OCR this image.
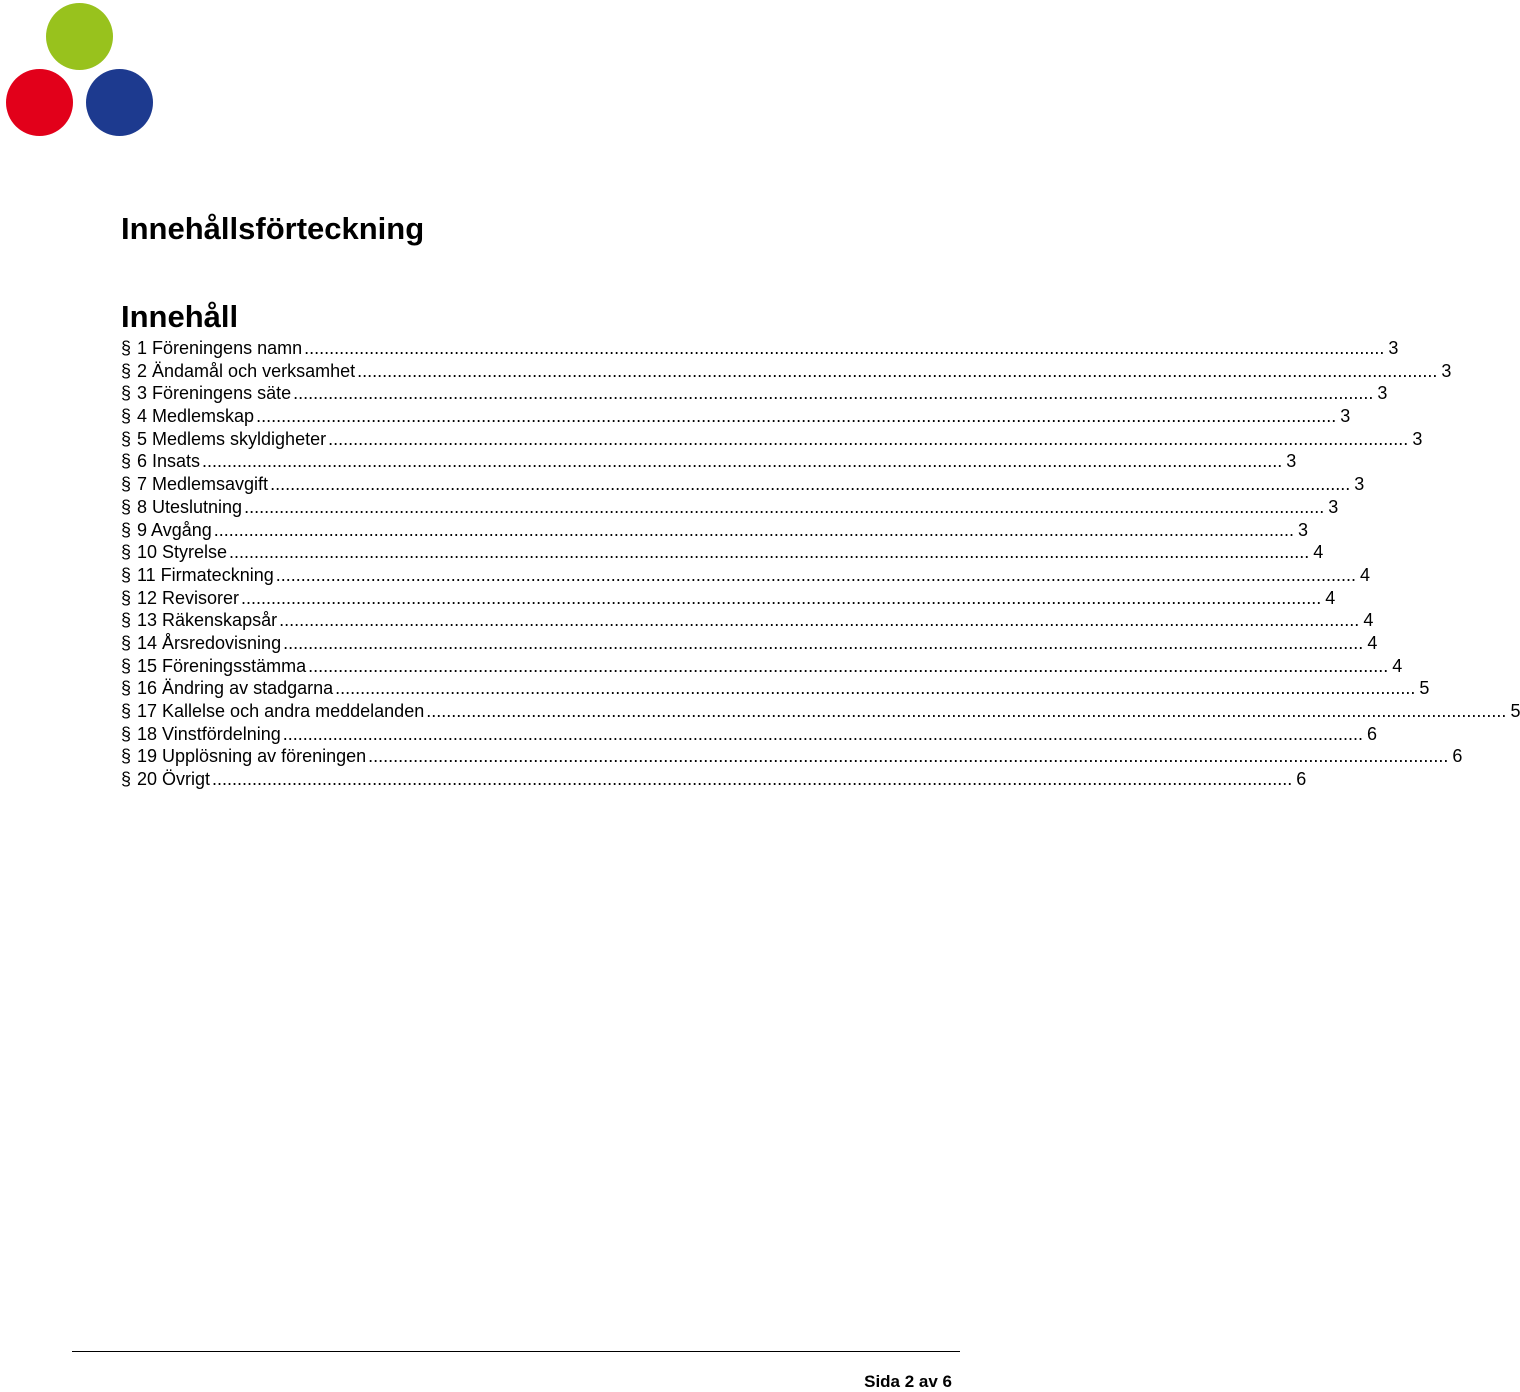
Innehållsförteckning
Innehåll
§ 1 Föreningens namn ........................................................................................................................................................................................................................ 3
§ 2 Ändamål och verksamhet ........................................................................................................................................................................................................................ 3
§ 3 Föreningens säte ........................................................................................................................................................................................................................ 3
§ 4 Medlemskap ........................................................................................................................................................................................................................ 3
§ 5 Medlems skyldigheter ........................................................................................................................................................................................................................ 3
§ 6 Insats ........................................................................................................................................................................................................................ 3
§ 7 Medlemsavgift ........................................................................................................................................................................................................................ 3
§ 8 Uteslutning ........................................................................................................................................................................................................................ 3
§ 9 Avgång ........................................................................................................................................................................................................................ 3
§ 10 Styrelse ........................................................................................................................................................................................................................ 4
§ 11 Firmateckning ........................................................................................................................................................................................................................ 4
§ 12 Revisorer ........................................................................................................................................................................................................................ 4
§ 13 Räkenskapsår ........................................................................................................................................................................................................................ 4
§ 14 Årsredovisning ........................................................................................................................................................................................................................ 4
§ 15 Föreningsstämma ........................................................................................................................................................................................................................ 4
§ 16 Ändring av stadgarna ........................................................................................................................................................................................................................ 5
§ 17 Kallelse och andra meddelanden ........................................................................................................................................................................................................................ 5
§ 18 Vinstfördelning ........................................................................................................................................................................................................................ 6
§ 19 Upplösning av föreningen ........................................................................................................................................................................................................................ 6
§ 20 Övrigt ........................................................................................................................................................................................................................ 6
Sida 2 av 6
